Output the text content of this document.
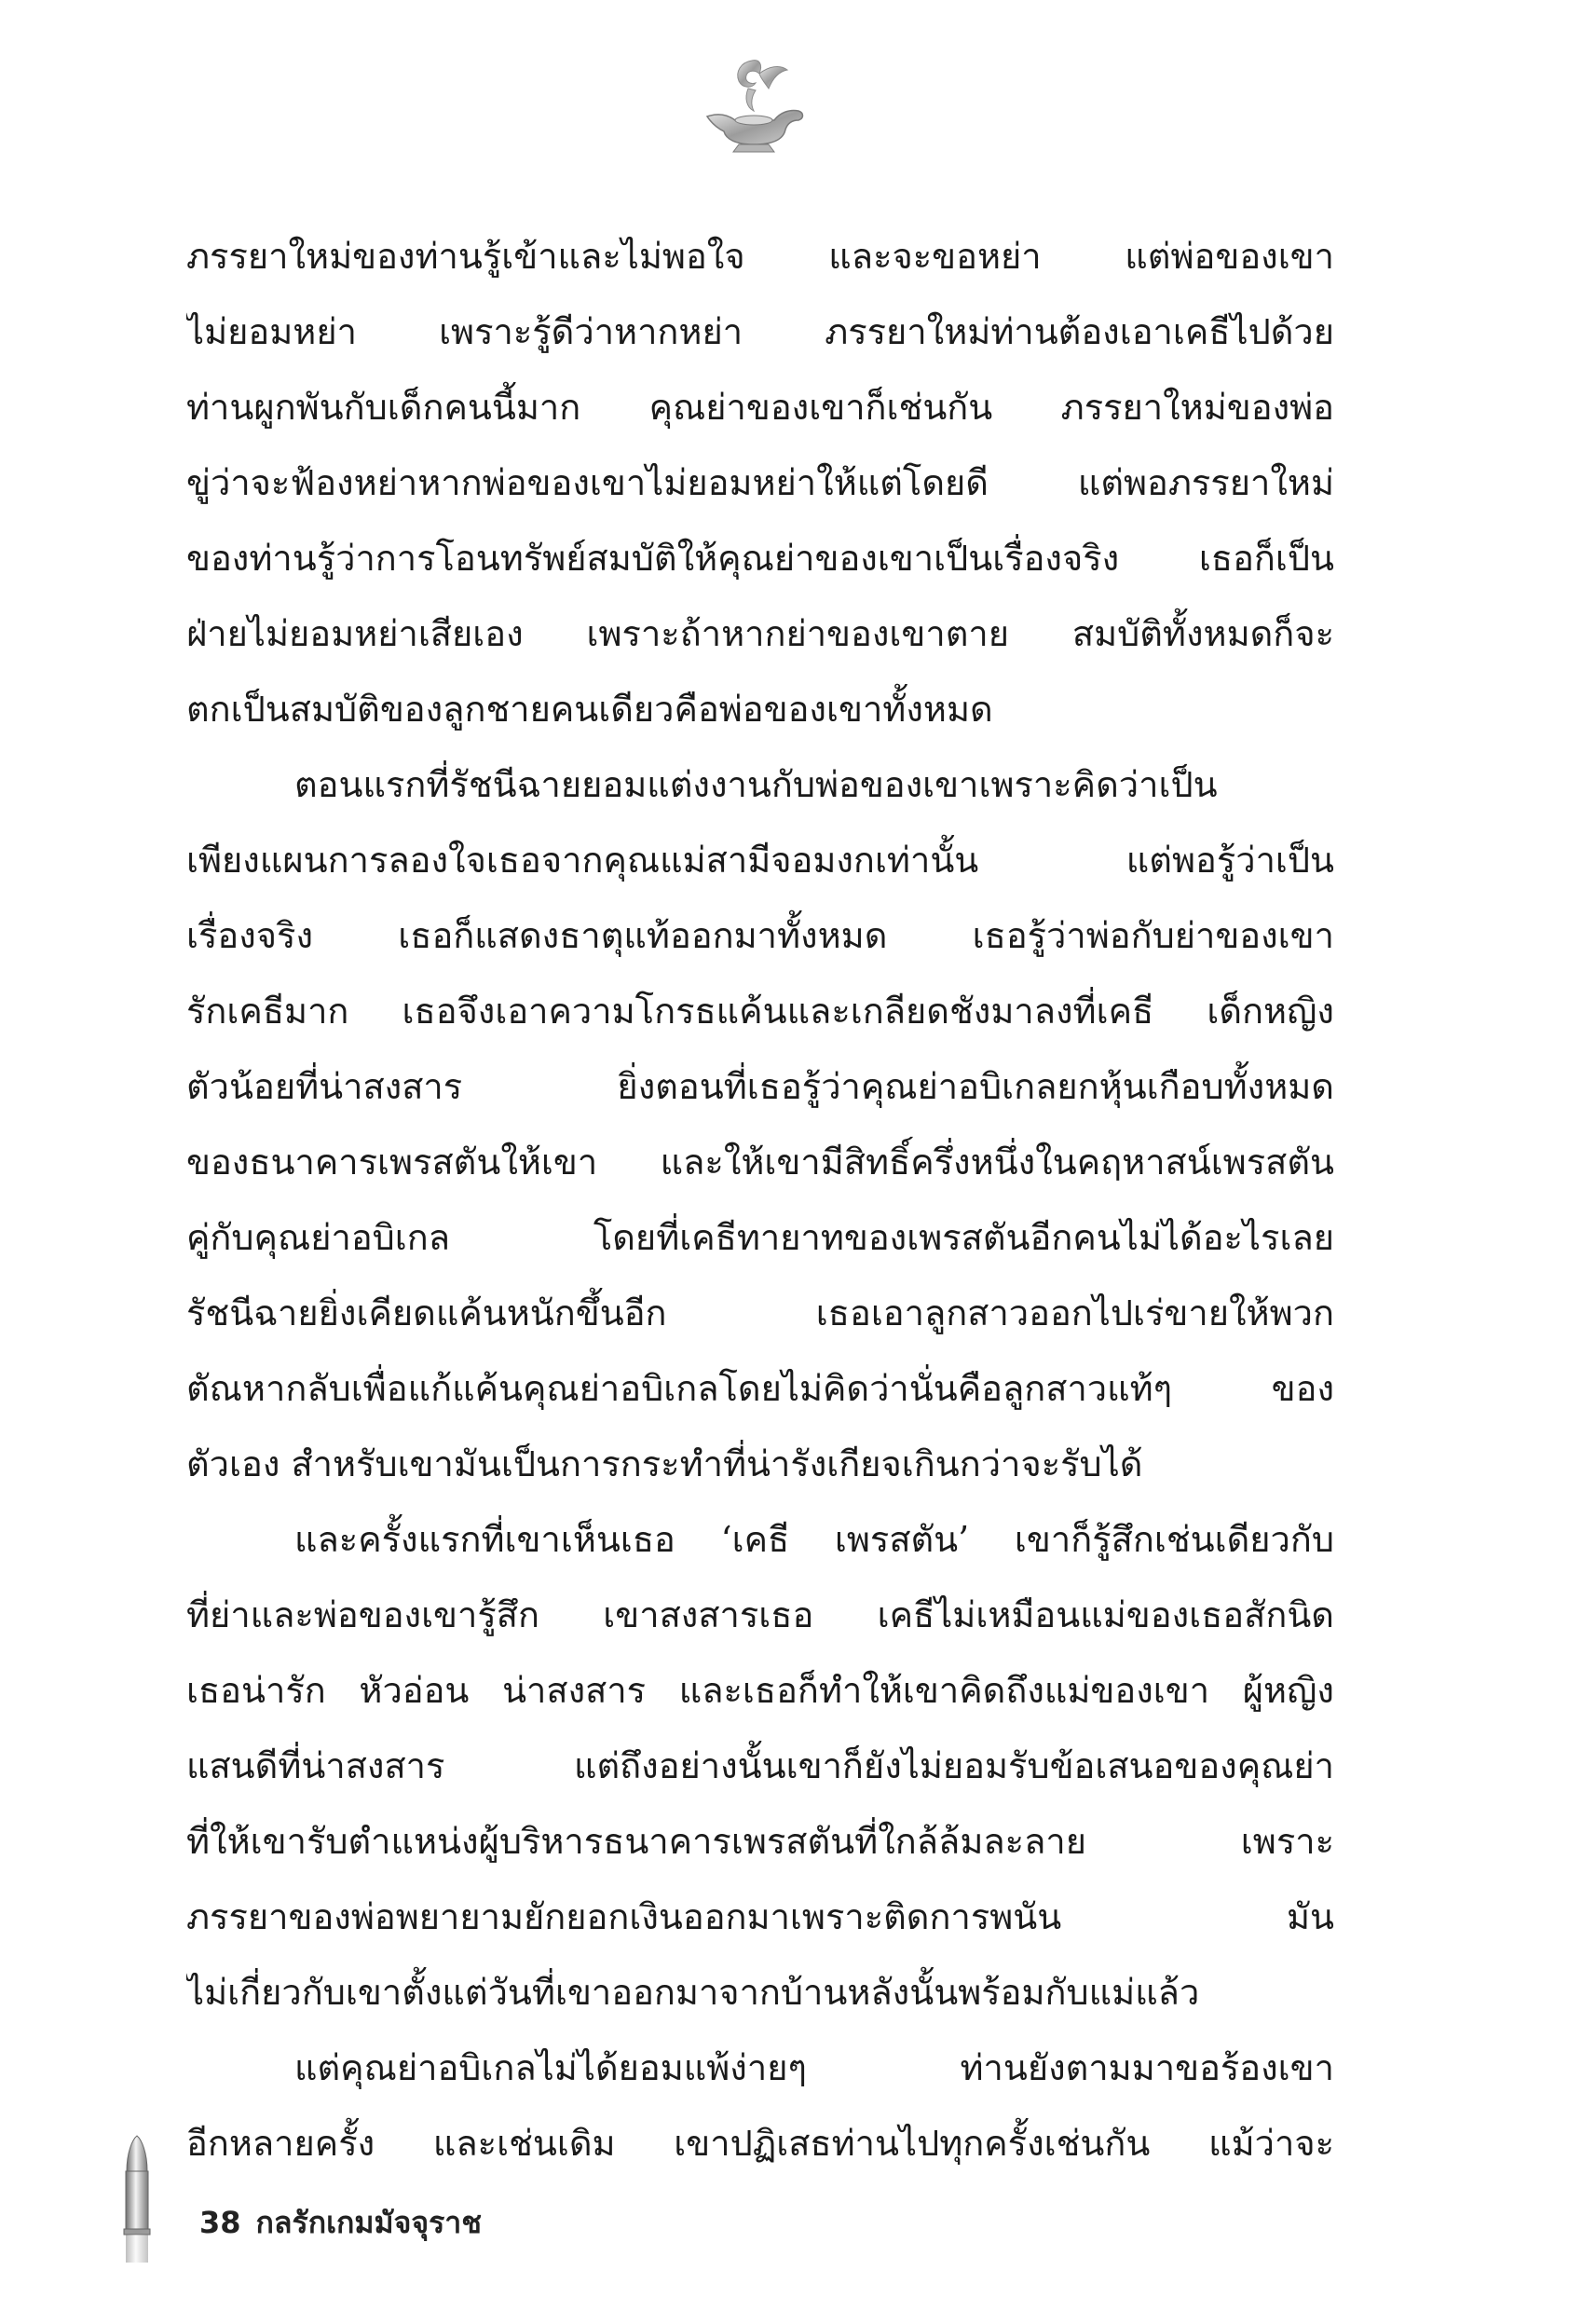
ภรรยาใหม่ของท่านรู้เข้าและไม่พอใจ และจะขอหย่า แต่พ่อของเขา
ไม่ยอมหย่า เพราะรู้ดีว่าหากหย่า ภรรยาใหม่ท่านต้องเอาเคธีไปด้วย
ท่านผูกพันกับเด็กคนนี้มาก คุณย่าของเขาก็เช่นกัน ภรรยาใหม่ของพ่อ
ขู่ว่าจะฟ้องหย่าหากพ่อของเขาไม่ยอมหย่าให้แต่โดยดี แต่พอภรรยาใหม่
ของท่านรู้ว่าการโอนทรัพย์สมบัติให้คุณย่าของเขาเป็นเรื่องจริง เธอก็เป็น
ฝ่ายไม่ยอมหย่าเสียเอง เพราะถ้าหากย่าของเขาตาย สมบัติทั้งหมดก็จะ
ตกเป็นสมบัติของลูกชายคนเดียวคือพ่อของเขาทั้งหมด
ตอนแรกที่รัชนีฉายยอมแต่งงานกับพ่อของเขาเพราะคิดว่าเป็น
เพียงแผนการลองใจเธอจากคุณแม่สามีจอมงกเท่านั้น แต่พอรู้ว่าเป็น
เรื่องจริง เธอก็แสดงธาตุแท้ออกมาทั้งหมด เธอรู้ว่าพ่อกับย่าของเขา
รักเคธีมาก เธอจึงเอาความโกรธแค้นและเกลียดชังมาลงที่เคธี เด็กหญิง
ตัวน้อยที่น่าสงสาร ยิ่งตอนที่เธอรู้ว่าคุณย่าอบิเกลยกหุ้นเกือบทั้งหมด
ของธนาคารเพรสตันให้เขา และให้เขามีสิทธิ์ครึ่งหนึ่งในคฤหาสน์เพรสตัน
คู่กับคุณย่าอบิเกล โดยที่เคธีทายาทของเพรสตันอีกคนไม่ได้อะไรเลย
รัชนีฉายยิ่งเคียดแค้นหนักขึ้นอีก เธอเอาลูกสาวออกไปเร่ขายให้พวก
ตัณหากลับเพื่อแก้แค้นคุณย่าอบิเกลโดยไม่คิดว่านั่นคือลูกสาวแท้ๆ ของ
ตัวเอง สำหรับเขามันเป็นการกระทำที่น่ารังเกียจเกินกว่าจะรับได้
และครั้งแรกที่เขาเห็นเธอ ‘เคธี เพรสตัน’ เขาก็รู้สึกเช่นเดียวกับ
ที่ย่าและพ่อของเขารู้สึก เขาสงสารเธอ เคธีไม่เหมือนแม่ของเธอสักนิด
เธอน่ารัก หัวอ่อน น่าสงสาร และเธอก็ทำให้เขาคิดถึงแม่ของเขา ผู้หญิง
แสนดีที่น่าสงสาร แต่ถึงอย่างนั้นเขาก็ยังไม่ยอมรับข้อเสนอของคุณย่า
ที่ให้เขารับตำแหน่งผู้บริหารธนาคารเพรสตันที่ใกล้ล้มละลาย เพราะ
ภรรยาของพ่อพยายามยักยอกเงินออกมาเพราะติดการพนัน มัน
ไม่เกี่ยวกับเขาตั้งแต่วันที่เขาออกมาจากบ้านหลังนั้นพร้อมกับแม่แล้ว
แต่คุณย่าอบิเกลไม่ได้ยอมแพ้ง่ายๆ ท่านยังตามมาขอร้องเขา
อีกหลายครั้ง และเช่นเดิม เขาปฏิเสธท่านไปทุกครั้งเช่นกัน แม้ว่าจะ
38 กลรักเกมมัจจุราช
